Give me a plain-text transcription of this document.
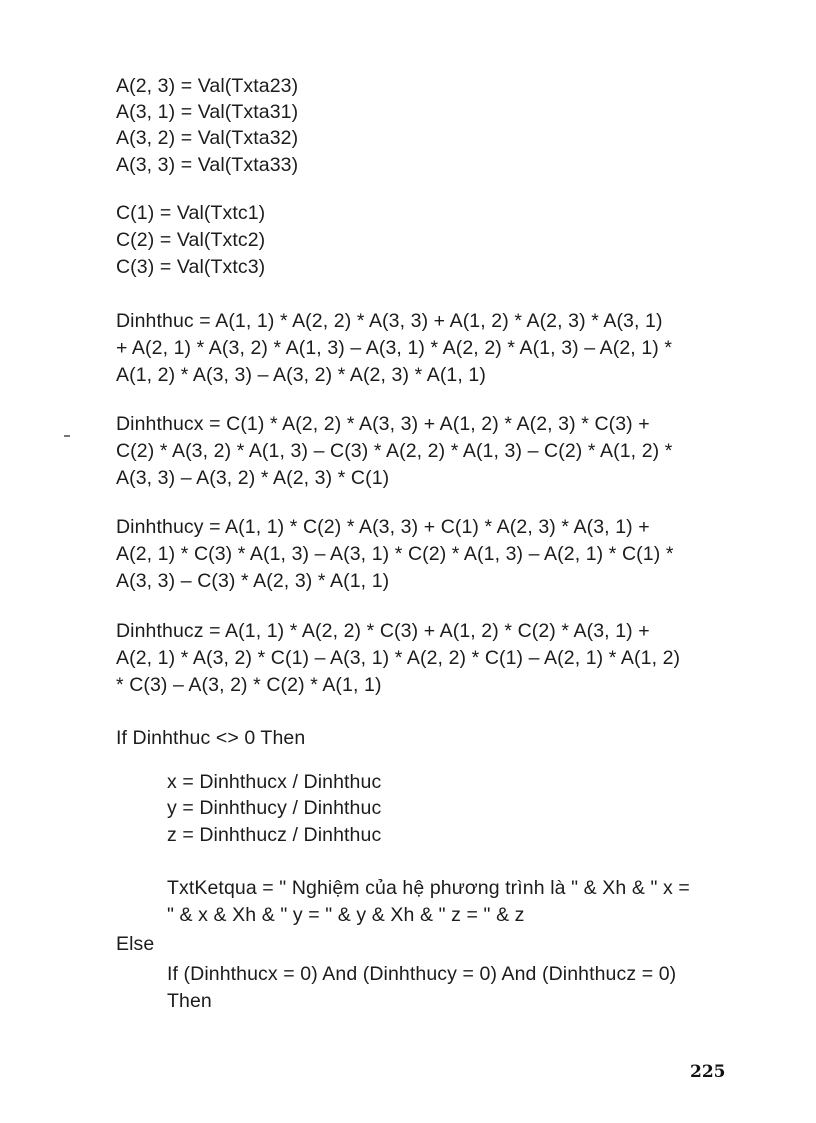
A(2, 3) = Val(Txta23)
A(3, 1) = Val(Txta31)
A(3, 2) = Val(Txta32)
A(3, 3) = Val(Txta33)
C(1) = Val(Txtc1)
C(2) = Val(Txtc2)
C(3) = Val(Txtc3)
Dinhthuc = A(1, 1) * A(2, 2) * A(3, 3) + A(1, 2) * A(2, 3) * A(3, 1)
+ A(2, 1) * A(3, 2) * A(1, 3) – A(3, 1) * A(2, 2) * A(1, 3) – A(2, 1) *
A(1, 2) * A(3, 3) – A(3, 2) * A(2, 3) * A(1, 1)
Dinhthucx = C(1) * A(2, 2) * A(3, 3) + A(1, 2) * A(2, 3) * C(3) +
C(2) * A(3, 2) * A(1, 3) – C(3) * A(2, 2) * A(1, 3) – C(2) * A(1, 2) *
A(3, 3) – A(3, 2) * A(2, 3) * C(1)
Dinhthucy = A(1, 1) * C(2) * A(3, 3) + C(1) * A(2, 3) * A(3, 1) +
A(2, 1) * C(3) * A(1, 3) – A(3, 1) * C(2) * A(1, 3) – A(2, 1) * C(1) *
A(3, 3) – C(3) * A(2, 3) * A(1, 1)
Dinhthucz = A(1, 1) * A(2, 2) * C(3) + A(1, 2) * C(2) * A(3, 1) +
A(2, 1) * A(3, 2) * C(1) – A(3, 1) * A(2, 2) * C(1) – A(2, 1) * A(1, 2)
* C(3) – A(3, 2) * C(2) * A(1, 1)
If Dinhthuc <> 0 Then
x = Dinhthucx / Dinhthuc
y = Dinhthucy / Dinhthuc
z = Dinhthucz / Dinhthuc
TxtKetqua = " Nghiệm của hệ phương trình là " & Xh & " x =
" & x & Xh & " y = " & y & Xh & " z = " & z
Else
If (Dinhthucx = 0) And (Dinhthucy = 0) And (Dinhthucz = 0)
Then
225
